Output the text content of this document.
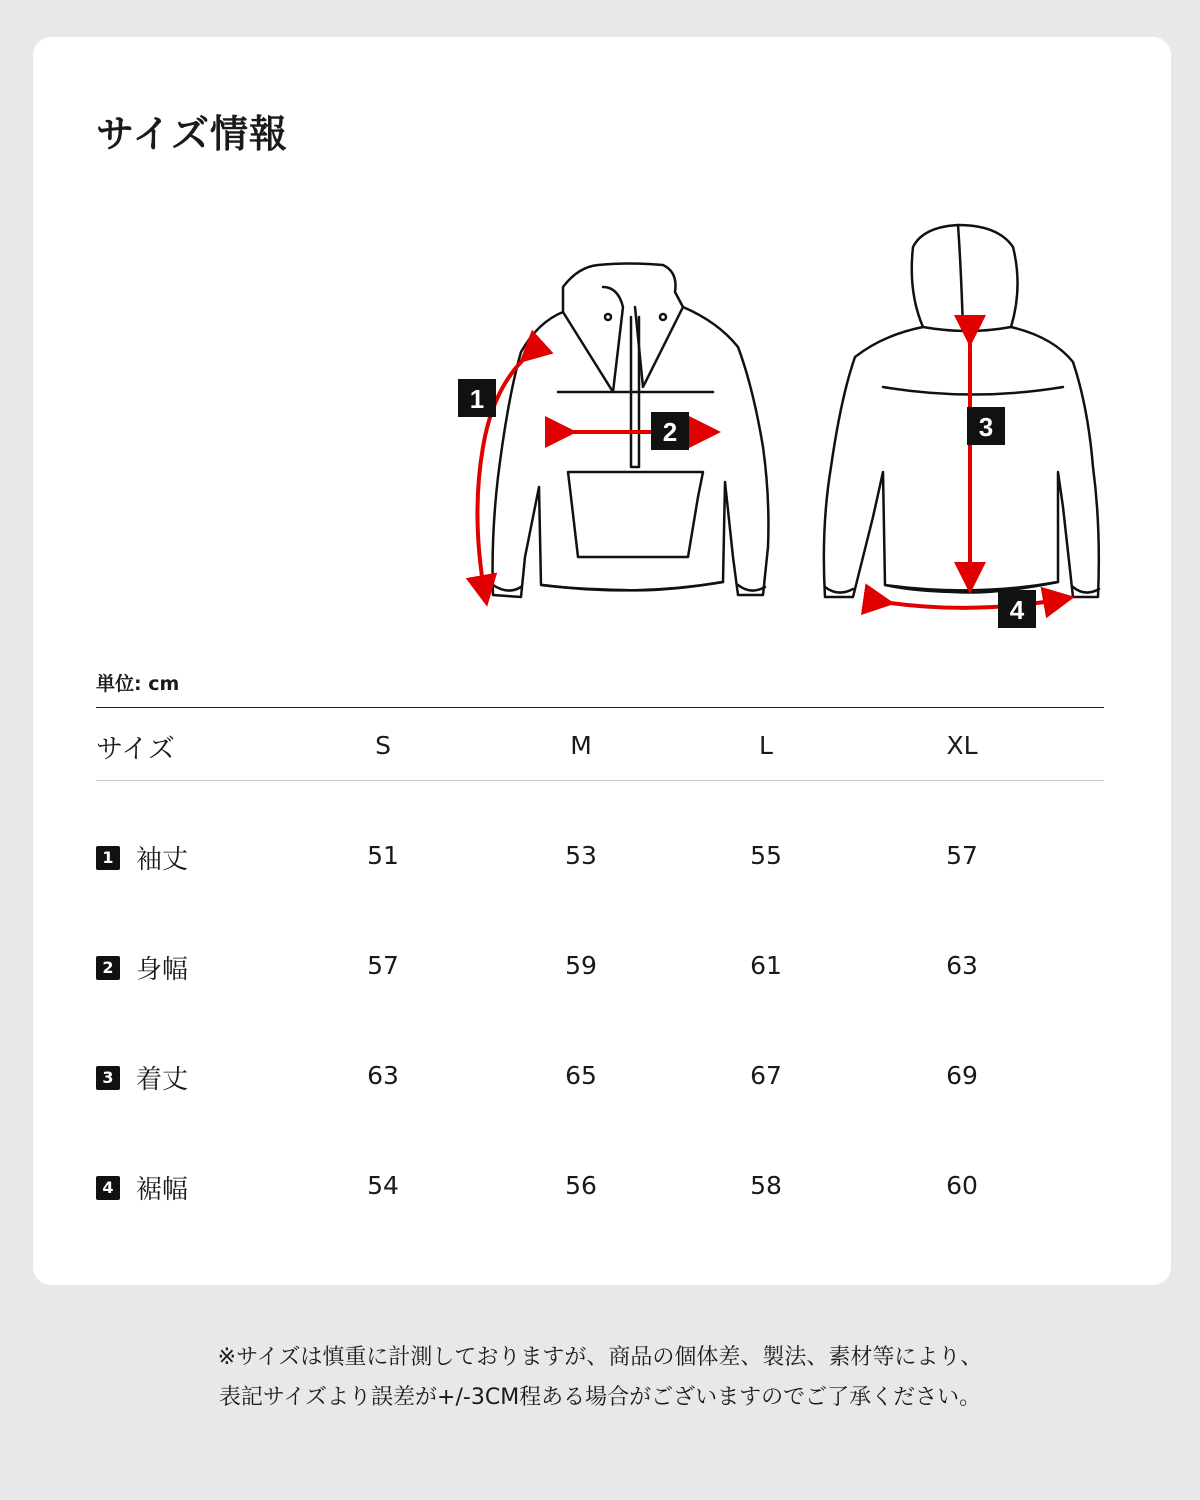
サイズ情報
1
2	3
4
単位: cm
サイズ	S	M	L	XL
1 袖丈	51	53	55	57
2 身幅	57	59	61	63
3 着丈	63	65	67	69
4 裾幅	54	56	58	60
※サイズは慎重に計測しておりますが、商品の個体差、製法、素材等により、
表記サイズより誤差が+/-3CM程ある場合がございますのでご了承ください。
